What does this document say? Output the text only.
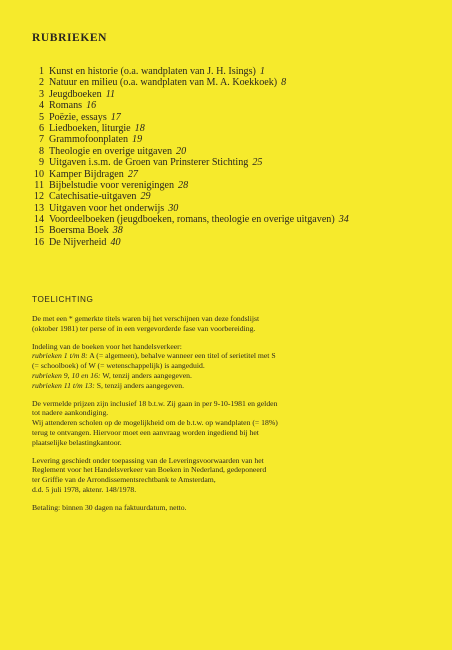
RUBRIEKEN
1 Kunst en historie (o.a. wandplaten van J. H. Isings) 1
2 Natuur en milieu (o.a. wandplaten van M. A. Koekkoek) 8
3 Jeugdboeken 11
4 Romans 16
5 Poëzie, essays 17
6 Liedboeken, liturgie 18
7 Grammofoonplaten 19
8 Theologie en overige uitgaven 20
9 Uitgaven i.s.m. de Groen van Prinsterer Stichting 25
10 Kamper Bijdragen 27
11 Bijbelstudie voor verenigingen 28
12 Catechisatie-uitgaven 29
13 Uitgaven voor het onderwijs 30
14 Voordeelboeken (jeugdboeken, romans, theologie en overige uitgaven) 34
15 Boersma Boek 38
16 De Nijverheid 40
TOELICHTING
De met een * gemerkte titels waren bij het verschijnen van deze fondslijst
(oktober 1981) ter perse of in een vergevorderde fase van voorbereiding.
Indeling van de boeken voor het handelsverkeer:
rubrieken 1 t/m 8: A (= algemeen), behalve wanneer een titel of serietitel met S
(= schoolboek) of W (= wetenschappelijk) is aangeduid.
rubrieken 9, 10 en 16: W, tenzij anders aangegeven.
rubrieken 11 t/m 13: S, tenzij anders aangegeven.
De vermelde prijzen zijn inclusief 18 b.t.w. Zij gaan in per 9-10-1981 en gelden
tot nadere aankondiging.
Wij attenderen scholen op de mogelijkheid om de b.t.w. op wandplaten (= 18%)
terug te ontvangen. Hiervoor moet een aanvraag worden ingediend bij het
plaatselijke belastingkantoor.
Levering geschiedt onder toepassing van de Leveringsvoorwaarden van het
Reglement voor het Handelsverkeer van Boeken in Nederland, gedeponeerd
ter Griffie van de Arrondissementsrechtbank te Amsterdam,
d.d. 5 juli 1978, aktenr. 148/1978.
Betaling: binnen 30 dagen na faktuurdatum, netto.
